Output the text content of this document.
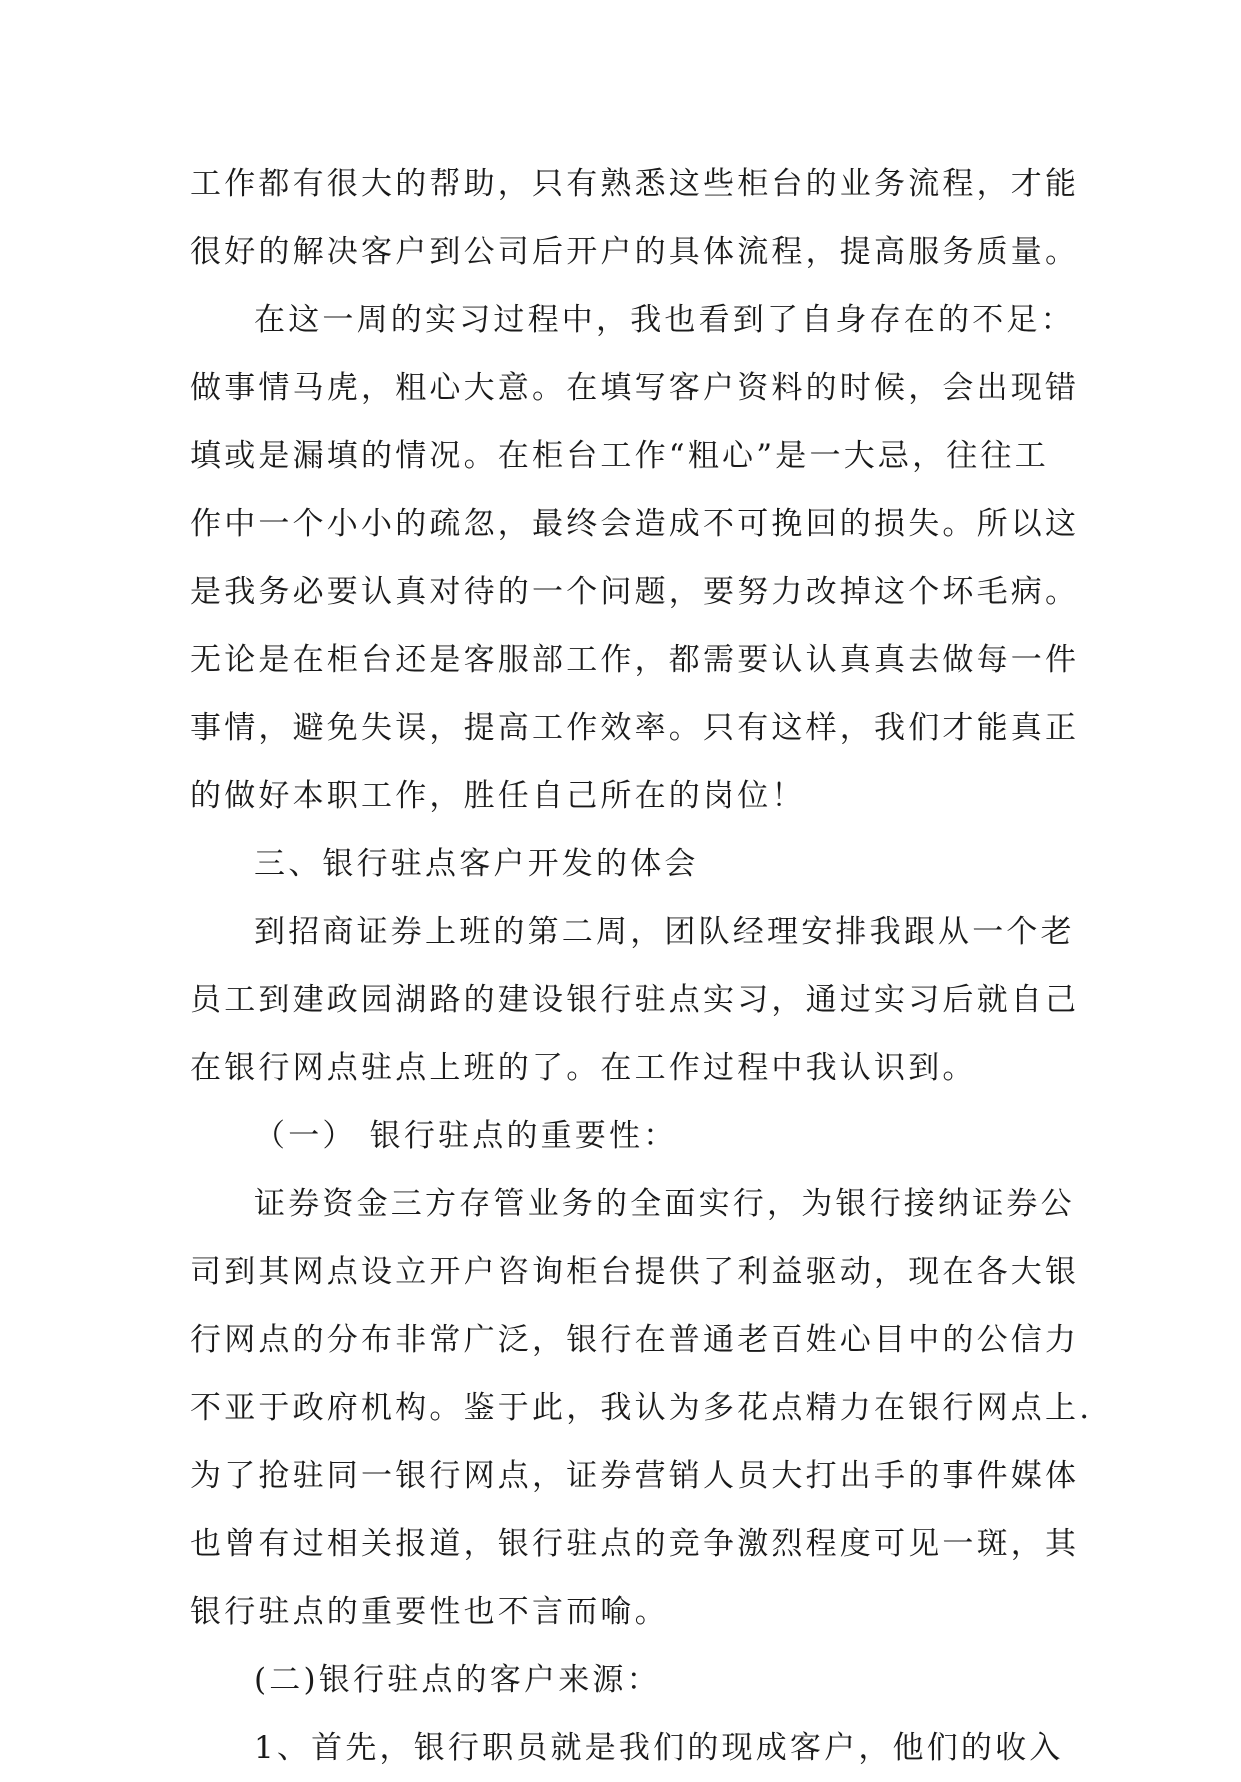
工作都有很大的帮助，只有熟悉这些柜台的业务流程，才能
很好的解决客户到公司后开户的具体流程，提高服务质量。
在这一周的实习过程中，我也看到了自身存在的不足：
做事情马虎，粗心大意。在填写客户资料的时候，会出现错
填或是漏填的情况。在柜台工作“粗心”是一大忌，往往工
作中一个小小的疏忽，最终会造成不可挽回的损失。所以这
是我务必要认真对待的一个问题，要努力改掉这个坏毛病。
无论是在柜台还是客服部工作，都需要认认真真去做每一件
事情，避免失误，提高工作效率。只有这样，我们才能真正
的做好本职工作，胜任自己所在的岗位！
三、银行驻点客户开发的体会
到招商证券上班的第二周，团队经理安排我跟从一个老
员工到建政园湖路的建设银行驻点实习，通过实习后就自己
在银行网点驻点上班的了。在工作过程中我认识到。
（一） 银行驻点的重要性：
证券资金三方存管业务的全面实行，为银行接纳证券公
司到其网点设立开户咨询柜台提供了利益驱动，现在各大银
行网点的分布非常广泛，银行在普通老百姓心目中的公信力
不亚于政府机构。鉴于此，我认为多花点精力在银行网点上.
为了抢驻同一银行网点，证券营销人员大打出手的事件媒体
也曾有过相关报道，银行驻点的竞争激烈程度可见一斑，其
银行驻点的重要性也不言而喻。
(二)银行驻点的客户来源：
1、首先，银行职员就是我们的现成客户，他们的收入
